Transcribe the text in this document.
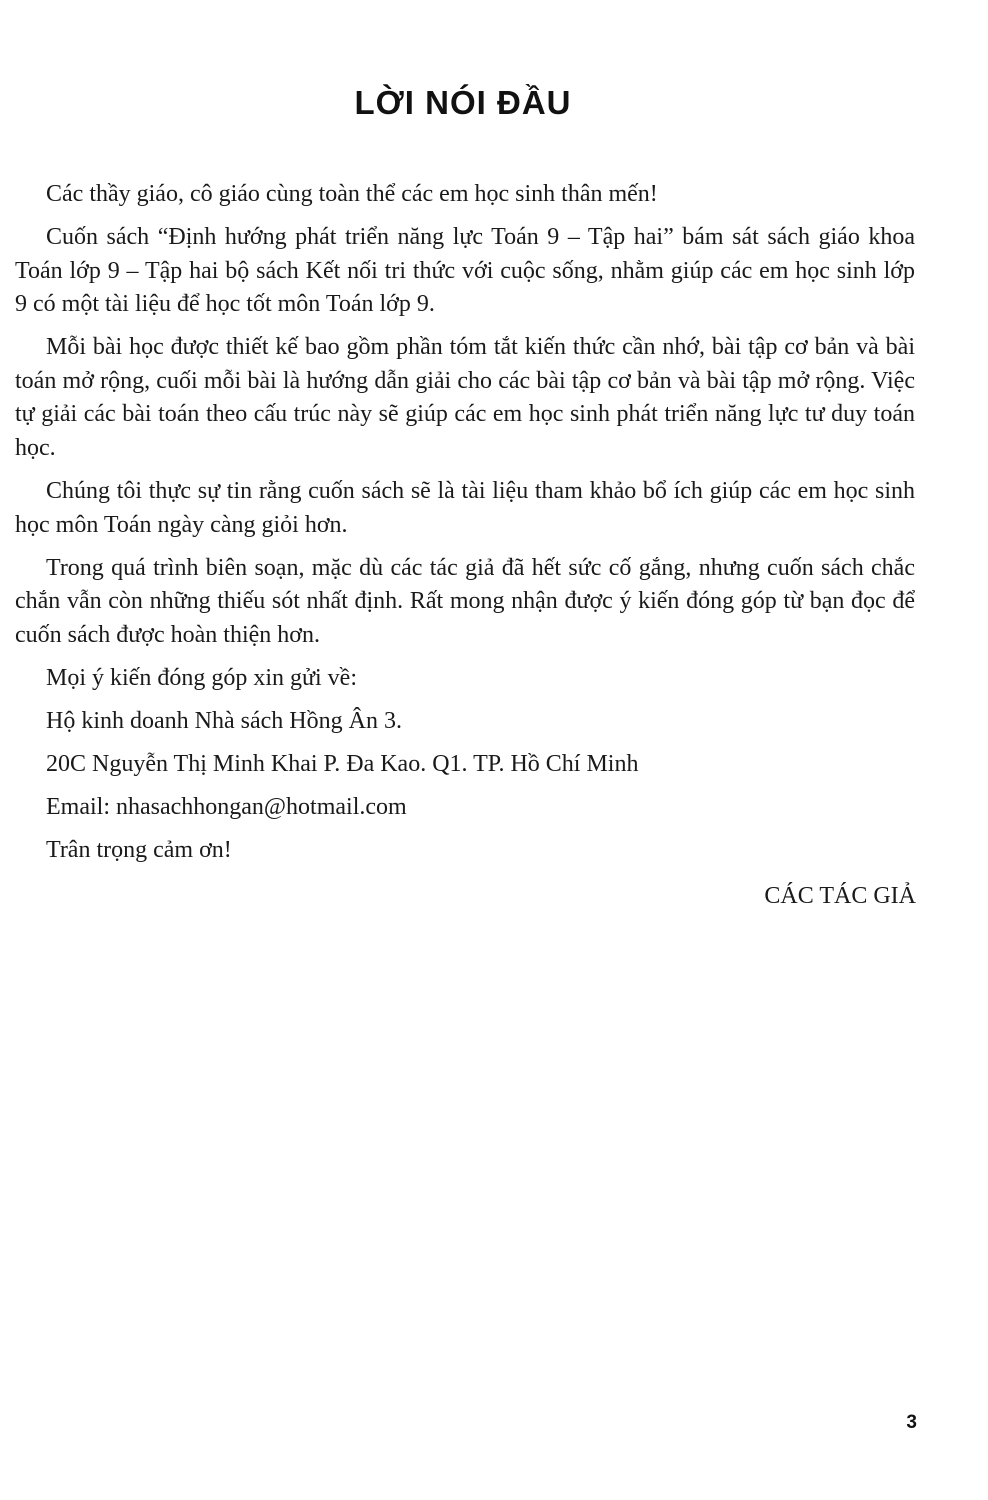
LỜI NÓI ĐẦU

Các thầy giáo, cô giáo cùng toàn thể các em học sinh thân mến!

Cuốn sách “Định hướng phát triển năng lực Toán 9 – Tập hai” bám sát sách giáo khoa Toán lớp 9 – Tập hai bộ sách Kết nối tri thức với cuộc sống, nhằm giúp các em học sinh lớp 9 có một tài liệu để học tốt môn Toán lớp 9.

Mỗi bài học được thiết kế bao gồm phần tóm tắt kiến thức cần nhớ, bài tập cơ bản và bài toán mở rộng, cuối mỗi bài là hướng dẫn giải cho các bài tập cơ bản và bài tập mở rộng. Việc tự giải các bài toán theo cấu trúc này sẽ giúp các em học sinh phát triển năng lực tư duy toán học.

Chúng tôi thực sự tin rằng cuốn sách sẽ là tài liệu tham khảo bổ ích giúp các em học sinh học môn Toán ngày càng giỏi hơn.

Trong quá trình biên soạn, mặc dù các tác giả đã hết sức cố gắng, nhưng cuốn sách chắc chắn vẫn còn những thiếu sót nhất định. Rất mong nhận được ý kiến đóng góp từ bạn đọc để cuốn sách được hoàn thiện hơn.

Mọi ý kiến đóng góp xin gửi về:

Hộ kinh doanh Nhà sách Hồng Ân 3.

20C Nguyễn Thị Minh Khai P. Đa Kao. Q1. TP. Hồ Chí Minh

Email: nhasachhongan@hotmail.com

Trân trọng cảm ơn!

CÁC TÁC GIẢ
3
